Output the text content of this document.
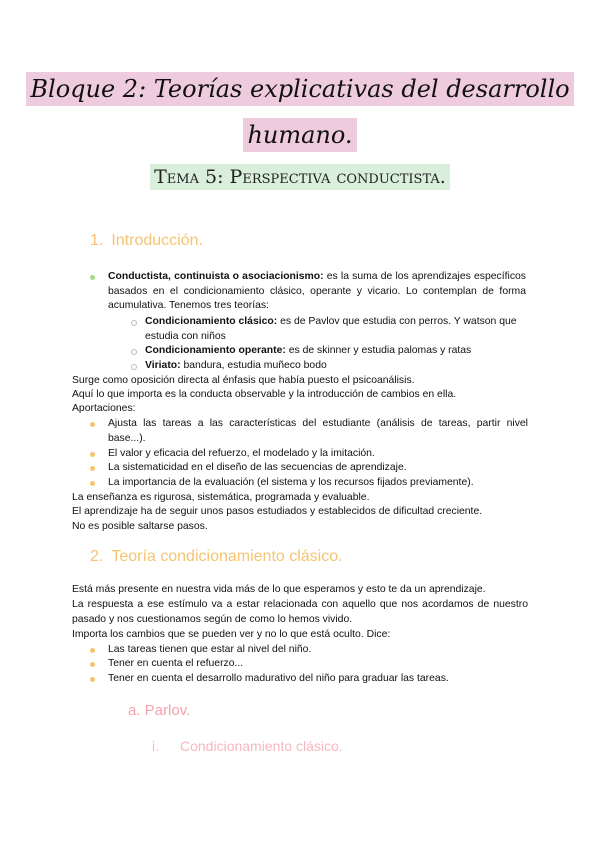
Bloque 2: Teorías explicativas del desarrollo
humano.
Tema 5: Perspectiva conductista.
1. Introducción.
Conductista, continuista o asociacionismo: es la suma de los aprendizajes específicos basados en el condicionamiento clásico, operante y vicario. Lo contemplan de forma acumulativa. Tenemos tres teorías:
Condicionamiento clásico: es de Pavlov que estudia con perros. Y watson que estudia con niños
Condicionamiento operante: es de skinner y estudia palomas y ratas
Viriato: bandura, estudia muñeco bodo
Surge como oposición directa al énfasis que había puesto el psicoanálisis.
Aquí lo que importa es la conducta observable y la introducción de cambios en ella.
Aportaciones:
Ajusta las tareas a las características del estudiante (análisis de tareas, partir nivel base...).
El valor y eficacia del refuerzo, el modelado y la imitación.
La sistematicidad en el diseño de las secuencias de aprendizaje.
La importancia de la evaluación (el sistema y los recursos fijados previamente).
La enseñanza es rigurosa, sistemática, programada y evaluable.
El aprendizaje ha de seguir unos pasos estudiados y establecidos de dificultad creciente.
No es posible saltarse pasos.
2. Teoría condicionamiento clásico.
Está más presente en nuestra vida más de lo que esperamos y esto te da un aprendizaje.
La respuesta a ese estímulo va a estar relacionada con aquello que nos acordamos de nuestro pasado y nos cuestionamos según de como lo hemos vivido.
Importa los cambios que se pueden ver y no lo que está oculto. Dice:
Las tareas tienen que estar al nivel del niño.
Tener en cuenta el refuerzo...
Tener en cuenta el desarrollo madurativo del niño para graduar las tareas.
a. Parlov.
i. Condicionamiento clásico.
